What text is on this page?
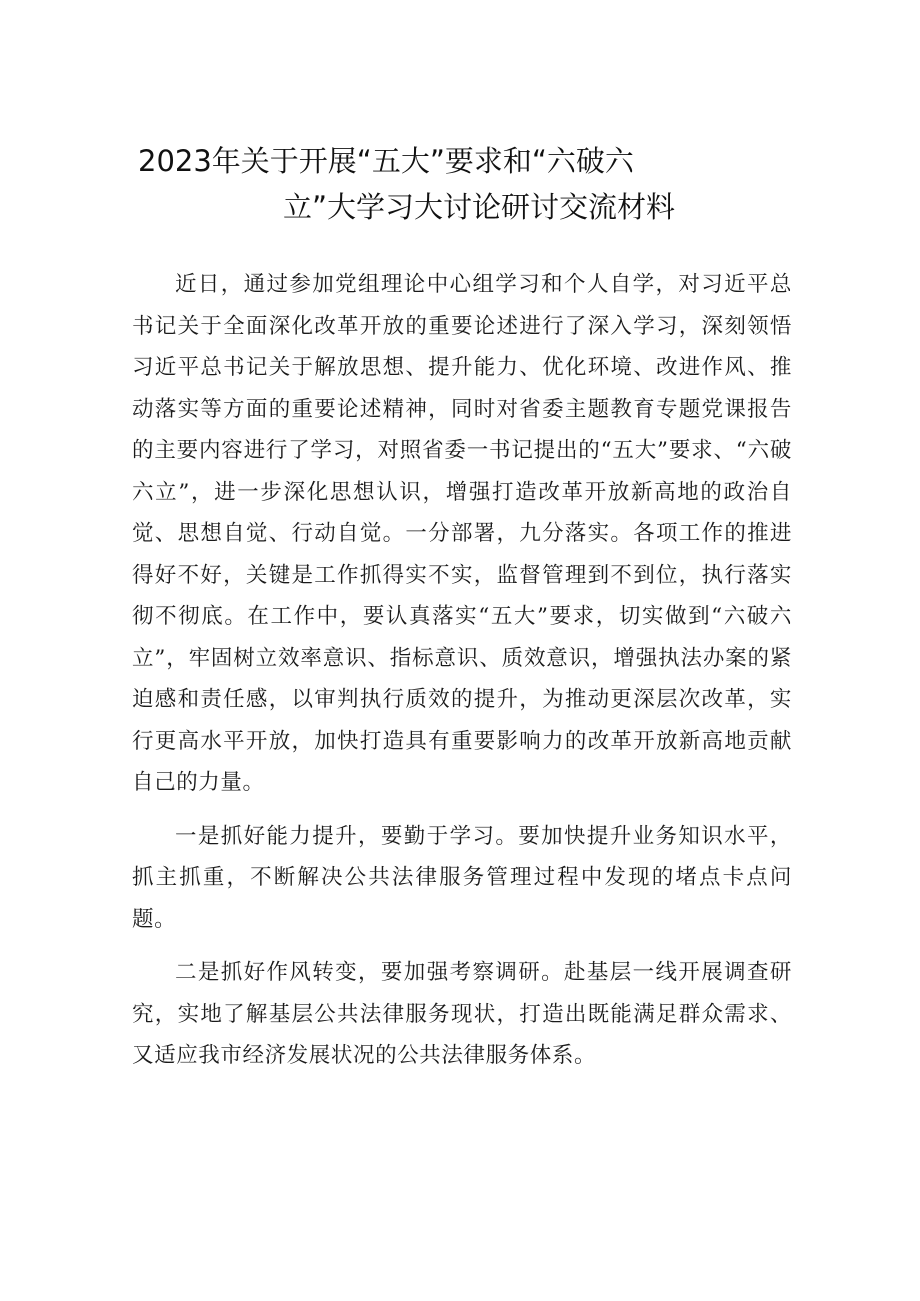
2023年关于开展“五大”要求和“六破六
立”大学习大讨论研讨交流材料

近日，通过参加党组理论中心组学习和个人自学，对习近平总书记关于全面深化改革开放的重要论述进行了深入学习，深刻领悟习近平总书记关于解放思想、提升能力、优化环境、改进作风、推动落实等方面的重要论述精神，同时对省委主题教育专题党课报告的主要内容进行了学习，对照省委一书记提出的“五大”要求、“六破六立”，进一步深化思想认识，增强打造改革开放新高地的政治自觉、思想自觉、行动自觉。一分部署，九分落实。各项工作的推进得好不好，关键是工作抓得实不实，监督管理到不到位，执行落实彻不彻底。在工作中，要认真落实“五大”要求，切实做到“六破六立”，牢固树立效率意识、指标意识、质效意识，增强执法办案的紧迫感和责任感，以审判执行质效的提升，为推动更深层次改革，实行更高水平开放，加快打造具有重要影响力的改革开放新高地贡献自己的力量。

一是抓好能力提升，要勤于学习。要加快提升业务知识水平，抓主抓重，不断解决公共法律服务管理过程中发现的堵点卡点问题。

二是抓好作风转变，要加强考察调研。赴基层一线开展调查研究，实地了解基层公共法律服务现状，打造出既能满足群众需求、又适应我市经济发展状况的公共法律服务体系。
